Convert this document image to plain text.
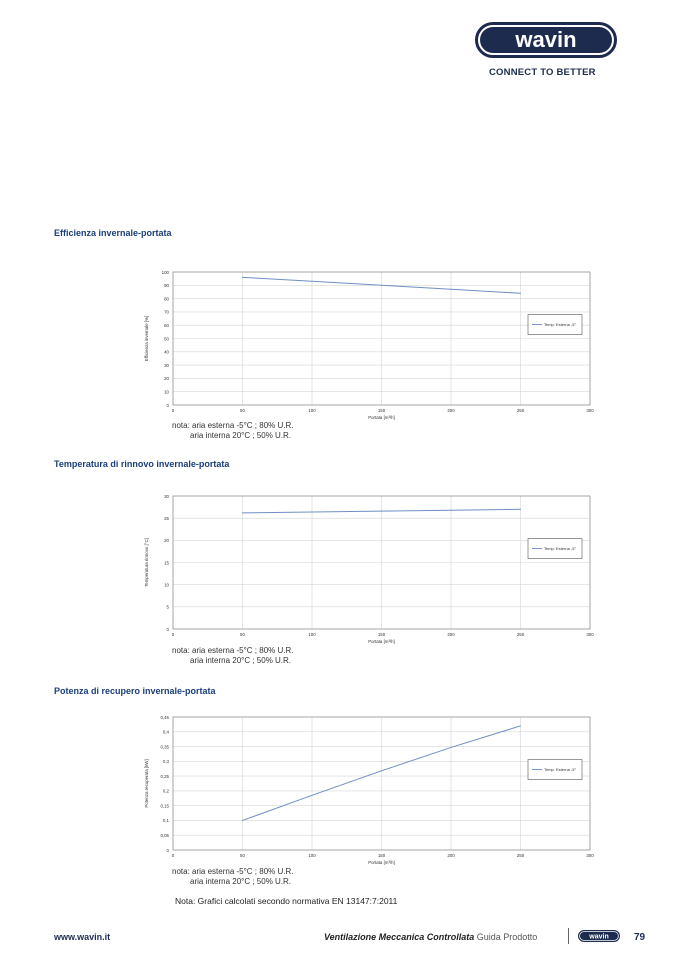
wavin
CONNECT TO BETTER
Efficienza invernale-portata
0
10
20
30
40
50
60
70
80
90
100
0	50	100	150	200	250	300
Portata [m³/h]
Efficienza invernale [%]	Temp. Esterna -5°
nota: aria esterna -5°C ; 80% U.R.
aria interna 20°C ; 50% U.R.
Temperatura di rinnovo invernale-portata
0
5
10
15
20
25
30
0	50	100	150	200	250	300
Portata [m³/h]
Temperatura rinnovo [°C]	Temp. Esterna -5°
nota: aria esterna -5°C ; 80% U.R.
aria interna 20°C ; 50% U.R.
Potenza di recupero invernale-portata
0
0,05
0,1
0,15
0,2
0,25
0,3
0,35
0,4
0,45
0	50	100	150	200	250	300
Portata [m³/h]
Potenza recuperata [kW]	Temp. Esterna -5°
nota: aria esterna -5°C ; 80% U.R.
aria interna 20°C ; 50% U.R.
Nota: Grafici calcolati secondo normativa EN 13147:7:2011
www.wavin.it	Ventilazione Meccanica Controllata Guida Prodotto	wavin	79
